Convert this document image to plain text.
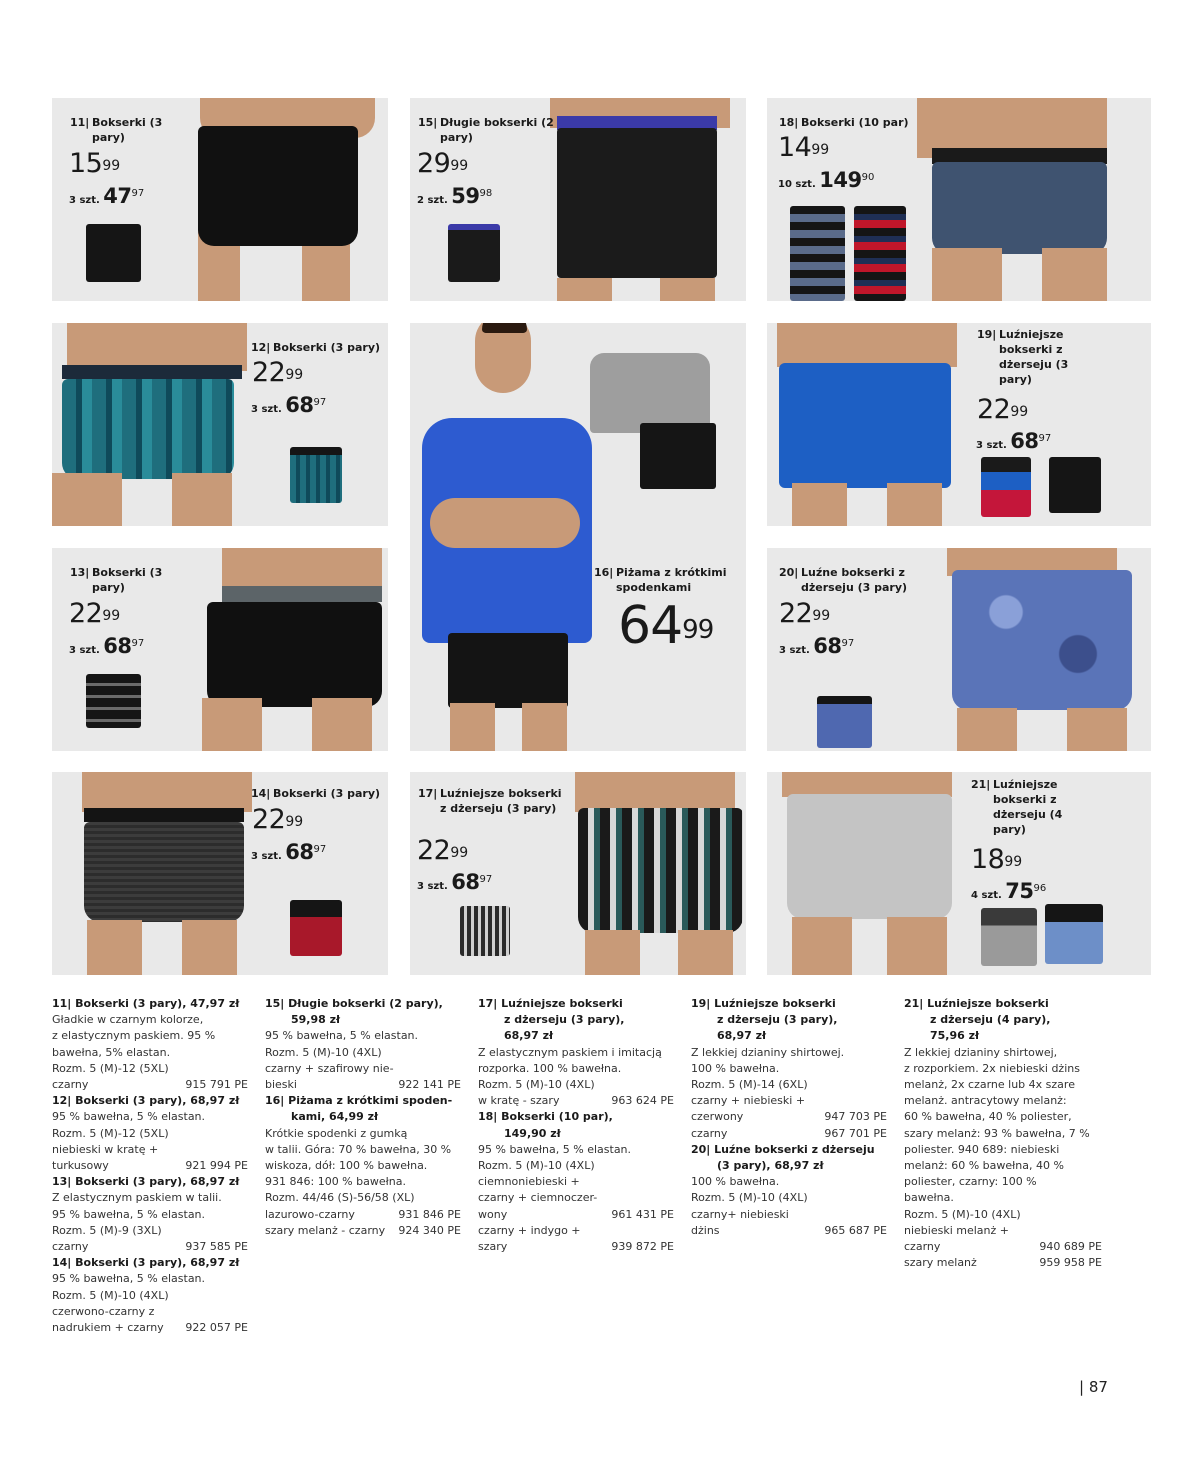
11| Bokserki (3 pary)
$15^{99}$
3 szt. $47^{97}$
15| Długie bokserki (2 pary)
$29^{99}$
2 szt. $59^{98}$
18| Bokserki (10 par)
$14^{99}$
10 szt. $149^{90}$
12| Bokserki (3 pary)
$22^{99}$
3 szt. $68^{97}$
16| Piżama z krótkimi spodenkami
$64^{99}$
19| Luźniejsze bokserki z dżerseju (3 pary)
$22^{99}$
3 szt. $68^{97}$
13| Bokserki (3 pary)
$22^{99}$
3 szt. $68^{97}$
20| Luźne bokserki z dżerseju (3 pary)
$22^{99}$
3 szt. $68^{97}$
14| Bokserki (3 pary)
$22^{99}$
3 szt. $68^{97}$
17| Luźniejsze bokserki z dżerseju (3 pary)
$22^{99}$
3 szt. $68^{97}$
21| Luźniejsze bokserki z dżerseju (4 pary)
$18^{99}$
4 szt. $75^{96}$
11| Bokserki (3 pary), 47,97 zł
Gładkie w czarnym kolorze,
z elastycznym paskiem. 95 %
bawełna, 5% elastan.
Rozm. 5 (M)-12 (5XL)
czarny	915 791 PE
12| Bokserki (3 pary), 68,97 zł
95 % bawełna, 5 % elastan.
Rozm. 5 (M)-12 (5XL)
niebieski w kratę +
turkusowy	921 994 PE
13| Bokserki (3 pary), 68,97 zł
Z elastycznym paskiem w talii.
95 % bawełna, 5 % elastan.
Rozm. 5 (M)-9 (3XL)
czarny	937 585 PE
14| Bokserki (3 pary), 68,97 zł
95 % bawełna, 5 % elastan.
Rozm. 5 (M)-10 (4XL)
czerwono-czarny z
nadrukiem + czarny 922 057 PE
15| Długie bokserki (2 pary),
59,98 zł
95 % bawełna, 5 % elastan.
Rozm. 5 (M)-10 (4XL)
czarny + szafirowy nie-
bieski	922 141 PE
16| Piżama z krótkimi spoden-
kami, 64,99 zł
Krótkie spodenki z gumką
w talii. Góra: 70 % bawełna, 30 %
wiskoza, dół: 100 % bawełna.
931 846: 100 % bawełna.
Rozm. 44/46 (S)-56/58 (XL)
lazurowo-czarny	931 846 PE
szary melanż - czarny 924 340 PE
17| Luźniejsze bokserki
z dżerseju (3 pary),
68,97 zł
Z elastycznym paskiem i imitacją
rozporka. 100 % bawełna.
Rozm. 5 (M)-10 (4XL)
w kratę - szary	963 624 PE
18| Bokserki (10 par),
149,90 zł
95 % bawełna, 5 % elastan.
Rozm. 5 (M)-10 (4XL)
ciemnoniebieski +
czarny + ciemnoczer-
wony	961 431 PE
czarny + indygo +
szary	939 872 PE
19| Luźniejsze bokserki
z dżerseju (3 pary),
68,97 zł
Z lekkiej dzianiny shirtowej.
100 % bawełna.
Rozm. 5 (M)-14 (6XL)
czarny + niebieski +
czerwony	947 703 PE
czarny	967 701 PE
20| Luźne bokserki z dżerseju
(3 pary), 68,97 zł
100 % bawełna.
Rozm. 5 (M)-10 (4XL)
czarny+ niebieski
dżins	965 687 PE
21| Luźniejsze bokserki
z dżerseju (4 pary),
75,96 zł
Z lekkiej dzianiny shirtowej,
z rozporkiem. 2x niebieski dżins
melanż, 2x czarne lub 4x szare
melanż. antracytowy melanż:
60 % bawełna, 40 % poliester,
szary melanż: 93 % bawełna, 7 %
poliester. 940 689: niebieski
melanż: 60 % bawełna, 40 %
poliester, czarny: 100 %
bawełna.
Rozm. 5 (M)-10 (4XL)
niebieski melanż +
czarny	940 689 PE
szary melanż	959 958 PE
| 87
